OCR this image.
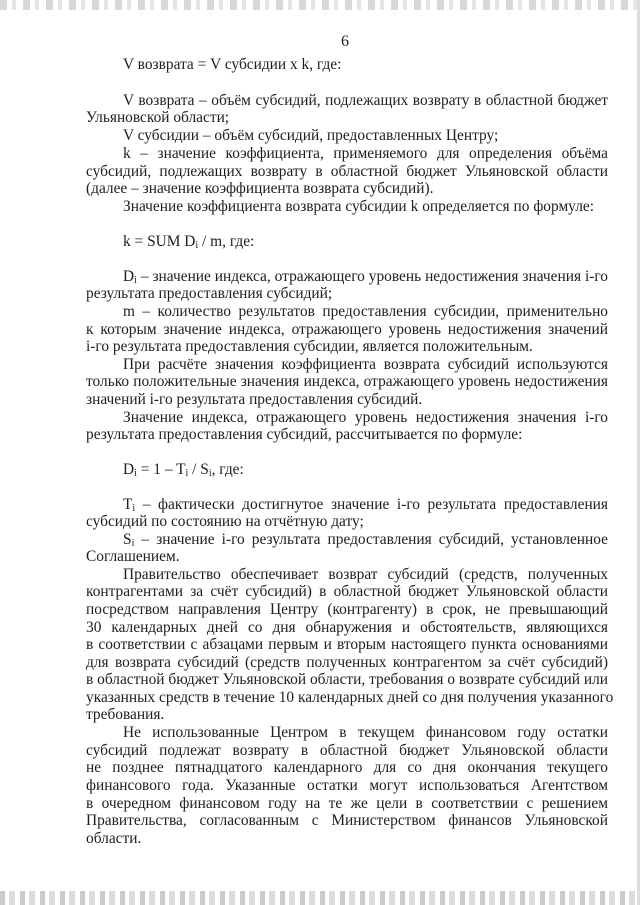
6
V возврата = V субсидии x k, где:
V возврата – объём субсидий, подлежащих возврату в областной бюджет
Ульяновской области;
V субсидии – объём субсидий, предоставленных Центру;
k – значение коэффициента, применяемого для определения объёма
субсидий, подлежащих возврату в областной бюджет Ульяновской области
(далее – значение коэффициента возврата субсидий).
Значение коэффициента возврата субсидии k определяется по формуле:
k = SUM $D_i$ / m, где:
$D_i$ – значение индекса, отражающего уровень недостижения значения i-го
результата предоставления субсидий;
m – количество результатов предоставления субсидии, применительно
к которым значение индекса, отражающего уровень недостижения значений
i-го результата предоставления субсидии, является положительным.
При расчёте значения коэффициента возврата субсидий используются
только положительные значения индекса, отражающего уровень недостижения
значений i-го результата предоставления субсидий.
Значение индекса, отражающего уровень недостижения значения i-го
результата предоставления субсидий, рассчитывается по формуле:
$D_i = 1 - T_i / S_i$, где:
$T_i$ – фактически достигнутое значение i-го результата предоставления
субсидий по состоянию на отчётную дату;
$S_i$ – значение i-го результата предоставления субсидий, установленное
Соглашением.
Правительство обеспечивает возврат субсидий (средств, полученных
контрагентами за счёт субсидий) в областной бюджет Ульяновской области
посредством направления Центру (контрагенту) в срок, не превышающий
30 календарных дней со дня обнаружения и обстоятельств, являющихся
в соответствии с абзацами первым и вторым настоящего пункта основаниями
для возврата субсидий (средств полученных контрагентом за счёт субсидий)
в областной бюджет Ульяновской области, требования о возврате субсидий или
указанных средств в течение 10 календарных дней со дня получения указанного
требования.
Не использованные Центром в текущем финансовом году остатки
субсидий подлежат возврату в областной бюджет Ульяновской области
не позднее пятнадцатого календарного для со дня окончания текущего
финансового года. Указанные остатки могут использоваться Агентством
в очередном финансовом году на те же цели в соответствии с решением
Правительства, согласованным с Министерством финансов Ульяновской
области.
